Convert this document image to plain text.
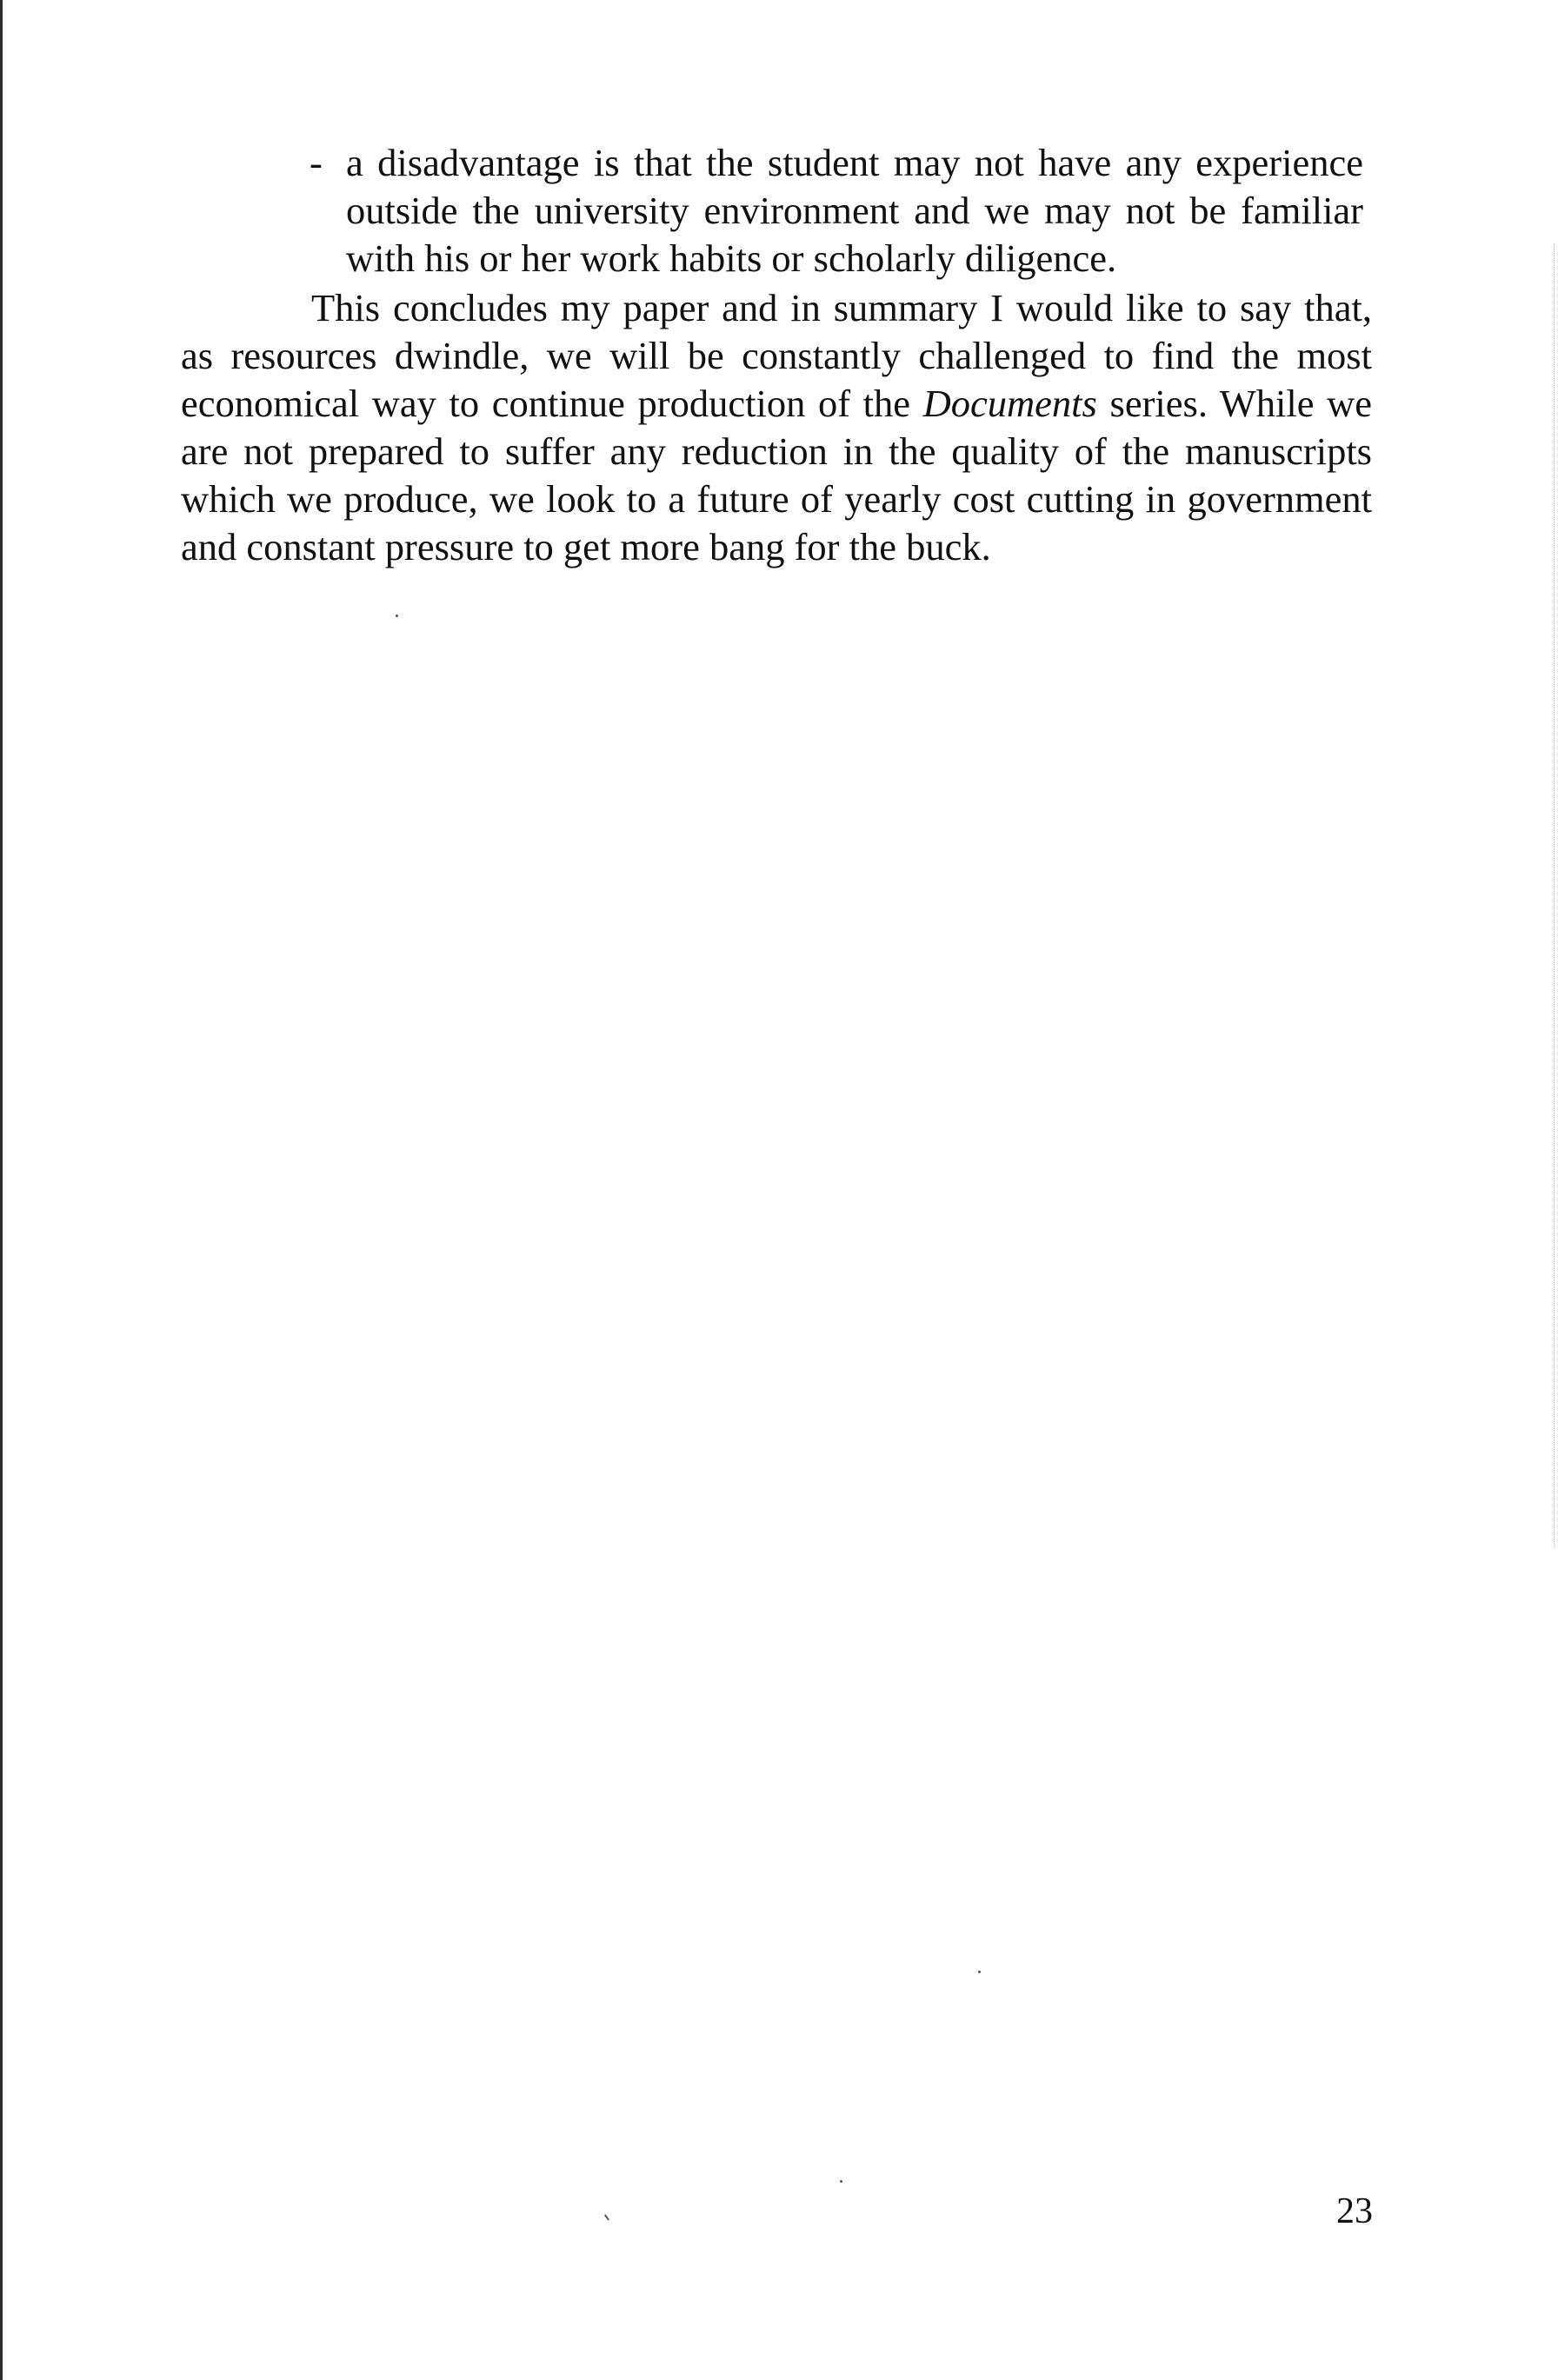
- a disadvantage is that the student may not have any experience outside the university environment and we may not be familiar with his or her work habits or scholarly diligence.

This concludes my paper and in summary I would like to say that, as resources dwindle, we will be constantly challenged to find the most economical way to continue production of the Documents series. While we are not prepared to suffer any reduction in the quality of the manuscripts which we produce, we look to a future of yearly cost cutting in government and constant pressure to get more bang for the buck.

23
